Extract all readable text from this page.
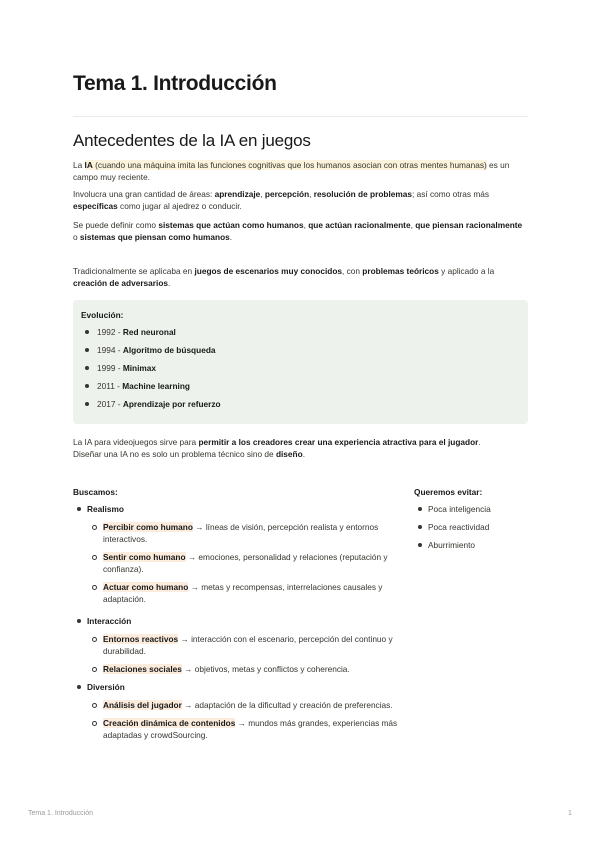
Tema 1. Introducción
Antecedentes de la IA en juegos

La IA (cuando una máquina imita las funciones cognitivas que los humanos asocian con otras mentes humanas) es un campo muy reciente.

Involucra una gran cantidad de áreas: aprendizaje, percepción, resolución de problemas; así como otras más específicas como jugar al ajedrez o conducir.

Se puede definir como sistemas que actúan como humanos, que actúan racionalmente, que piensan racionalmente o sistemas que piensan como humanos.

Tradicionalmente se aplicaba en juegos de escenarios muy conocidos, con problemas teóricos y aplicado a la creación de adversarios.

Evolución:
1992 - Red neuronal
1994 - Algoritmo de búsqueda
1999 - Minimax
2011 - Machine learning
2017 - Aprendizaje por refuerzo

La IA para videojuegos sirve para permitir a los creadores crear una experiencia atractiva para el jugador.
Diseñar una IA no es solo un problema técnico sino de diseño.

Buscamos:
Realismo
Percibir como humano → líneas de visión, percepción realista y entornos interactivos.
Sentir como humano → emociones, personalidad y relaciones (reputación y confianza).
Actuar como humano → metas y recompensas, interrelaciones causales y adaptación.
Interacción
Entornos reactivos → interacción con el escenario, percepción del continuo y durabilidad.
Relaciones sociales → objetivos, metas y conflictos y coherencia.
Diversión
Análisis del jugador → adaptación de la dificultad y creación de preferencias.
Creación dinámica de contenidos → mundos más grandes, experiencias más adaptadas y crowdSourcing.
Queremos evitar:
Poca inteligencia
Poca reactividad
Aburrimiento
Tema 1. Introducción	1
